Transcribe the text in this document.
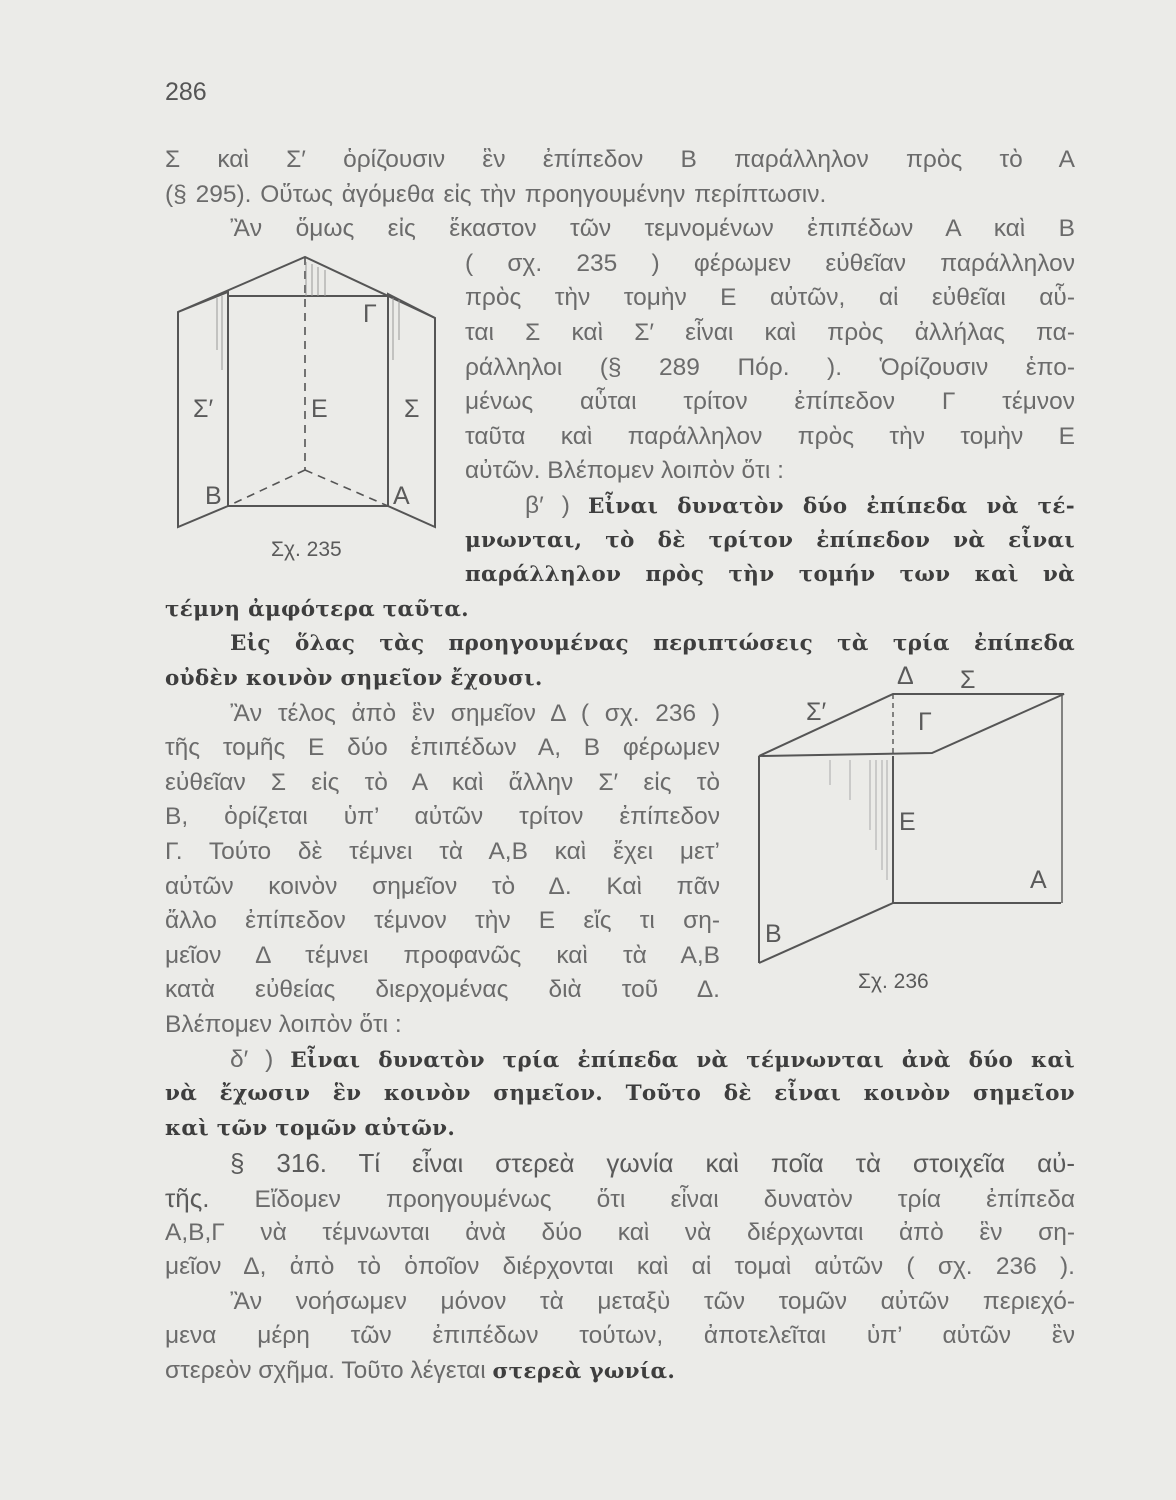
286
Σ καὶ Σ′ ὁρίζουσιν ἓν ἐπίπεδον Β παράλληλον πρὸς τὸ Α
(§ 295). Οὕτως ἀγόμεθα εἰς τὴν προηγουμένην περίπτωσιν.
Ἂν ὅμως εἰς ἕκαστον τῶν τεμνομένων ἐπιπέδων Α καὶ Β
( σχ. 235 ) φέρωμεν εὐθεῖαν παράλληλον
πρὸς τὴν τομὴν Ε αὐτῶν, αἱ εὐθεῖαι αὗ-
ται Σ καὶ Σ′ εἶναι καὶ πρὸς ἀλλήλας πα-
ράλληλοι (§ 289 Πόρ. ). Ὁρίζουσιν ἑπο-
μένως αὗται τρίτον ἐπίπεδον Γ τέμνον
ταῦτα καὶ παράλληλον πρὸς τὴν τομὴν Ε
αὐτῶν. Βλέπομεν λοιπὸν ὅτι :
β′ ) Εἶναι δυνατὸν δύο ἐπίπεδα νὰ τέ-
μνωνται, τὸ δὲ τρίτον ἐπίπεδον νὰ εἶναι
παράλληλον πρὸς τὴν τομήν των καὶ νὰ
τέμνη ἀμφότερα ταῦτα.
Εἰς ὅλας τὰς προηγουμένας περιπτώσεις τὰ τρία ἐπίπεδα
οὐδὲν κοινὸν σημεῖον ἔχουσι.
Ἂν τέλος ἀπὸ ἓν σημεῖον Δ ( σχ. 236 )
τῆς τομῆς Ε δύο ἐπιπέδων Α, Β φέρωμεν
εὐθεῖαν Σ εἰς τὸ Α καὶ ἄλλην Σ′ εἰς τὸ
Β, ὁρίζεται ὑπ’ αὐτῶν τρίτον ἐπίπεδον
Γ. Τούτο δὲ τέμνει τὰ Α,Β καὶ ἔχει μετ’
αὐτῶν κοινὸν σημεῖον τὸ Δ. Καὶ πᾶν
ἄλλο ἐπίπεδον τέμνον τὴν Ε εἴς τι ση-
μεῖον Δ τέμνει προφανῶς καὶ τὰ Α,Β
κατὰ εὐθείας διερχομένας διὰ τοῦ Δ.
Βλέπομεν λοιπὸν ὅτι :
δ′ ) Εἶναι δυνατὸν τρία ἐπίπεδα νὰ τέμνωνται ἀνὰ δύο καὶ
νὰ ἔχωσιν ἓν κοινὸν σημεῖον. Τοῦτο δὲ εἶναι κοινὸν σημεῖον
καὶ τῶν τομῶν αὐτῶν.
§ 316. Τί εἶναι στερεὰ γωνία καὶ ποῖα τὰ στοιχεῖα αὐ-
τῆς. Εἴδομεν προηγουμένως ὅτι εἶναι δυνατὸν τρία ἐπίπεδα
Α,Β,Γ νὰ τέμνωνται ἀνὰ δύο καὶ νὰ διέρχωνται ἀπὸ ἓν ση-
μεῖον Δ, ἀπὸ τὸ ὁποῖον διέρχονται καὶ αἱ τομαὶ αὐτῶν ( σχ. 236 ).
Ἂν νοήσωμεν μόνον τὰ μεταξὺ τῶν τομῶν αὐτῶν περιεχό-
μενα μέρη τῶν ἐπιπέδων τούτων, ἀποτελεῖται ὑπ’ αὐτῶν ἓν
στερεὸν σχῆμα. Τοῦτο λέγεται στερεὰ γωνία.
Γ
Σ′	Ε	Σ
Β	Α
Σχ. 235
Δ Σ
Σ′	Γ
Ε
Α
Β
Σχ. 236
